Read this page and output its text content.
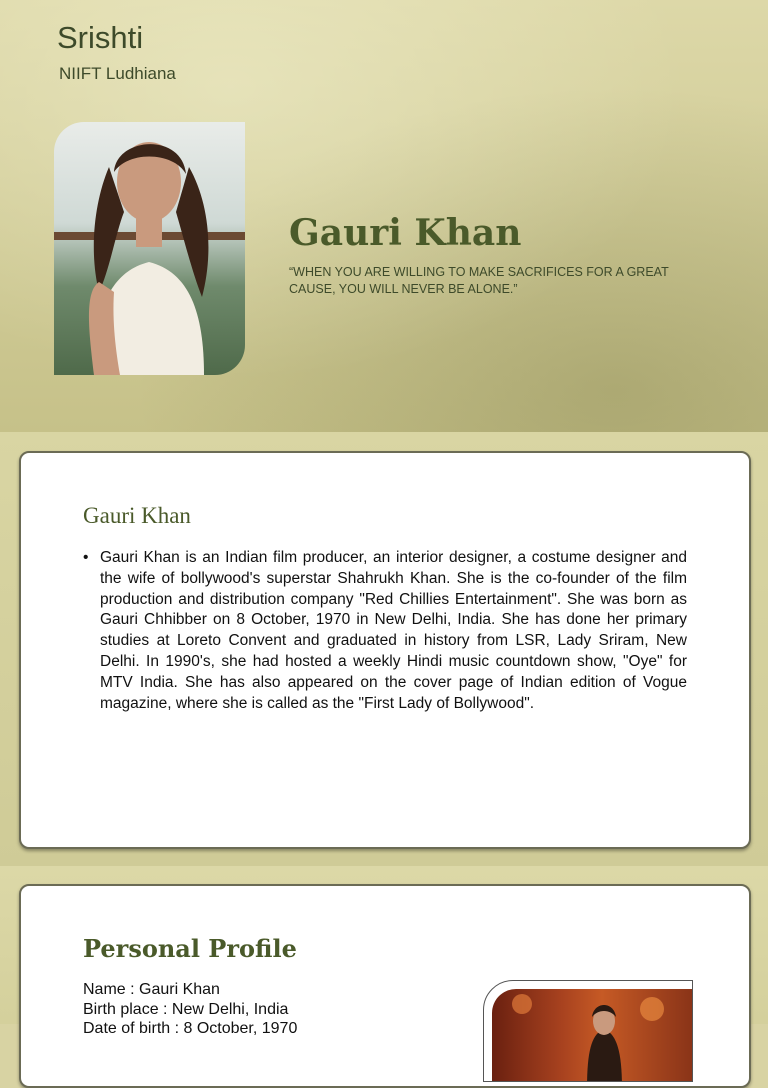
Srishti
NIIFT Ludhiana
Gauri Khan
“WHEN YOU ARE WILLING TO MAKE SACRIFICES FOR A GREAT CAUSE, YOU WILL NEVER BE ALONE.”
Gauri Khan
• Gauri Khan is an Indian film producer, an interior designer, a costume designer and the wife of bollywood's superstar Shahrukh Khan. She is the co-founder of the film production and distribution company "Red Chillies Entertainment". She was born as Gauri Chhibber on 8 October, 1970 in New Delhi, India. She has done her primary studies at Loreto Convent and graduated in history from LSR, Lady Sriram, New Delhi. In 1990's, she had hosted a weekly Hindi music countdown show, "Oye" for MTV India. She has also appeared on the cover page of Indian edition of Vogue magazine, where she is called as the "First Lady of Bollywood".
Personal Profile
Name : Gauri Khan
Birth place : New Delhi, India
Date of birth : 8 October, 1970
